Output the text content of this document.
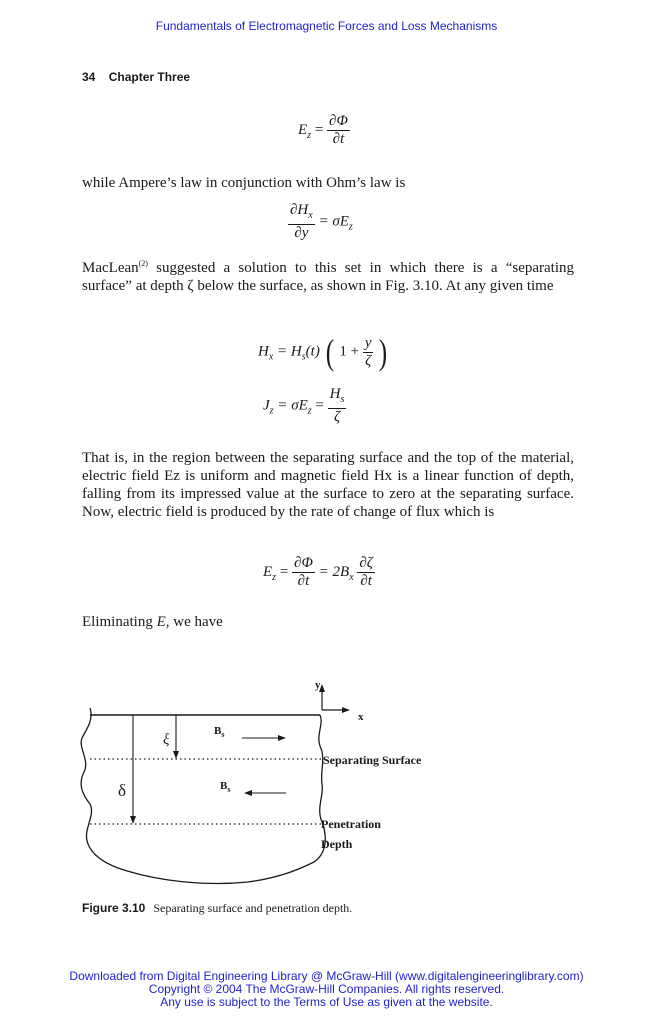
Fundamentals of Electromagnetic Forces and Loss Mechanisms
34 Chapter Three
$E_z = \frac{\partial\Phi}{\partial t}$
while Ampere’s law in conjunction with Ohm’s law is
$\frac{\partial H_x}{\partial y} = \sigma E_z$
MacLean$^{(2)}$ suggested a solution to this set in which there is a “separating surface” at depth ζ below the surface, as shown in Fig. 3.10. At any given time
$H_x = H_s(t)$ ( $1 + \frac{y}{\zeta}$ )
$J_z = \sigma E_z = \frac{H_s}{\zeta}$
That is, in the region between the separating surface and the top of the material, electric field Ez is uniform and magnetic field Hx is a linear function of depth, falling from its impressed value at the surface to zero at the separating surface. Now, electric field is produced by the rate of change of flux which is
$E_z = \frac{\partial\Phi}{\partial t} = 2B_x \frac{\partial\zeta}{\partial t}$
Eliminating E, we have
y
x
ξ
δ
$B_s$
$B_s$
Separating Surface
Penetration
Depth
Figure 3.10 Separating surface and penetration depth.
Downloaded from Digital Engineering Library @ McGraw-Hill (www.digitalengineeringlibrary.com)
Copyright © 2004 The McGraw-Hill Companies. All rights reserved.
Any use is subject to the Terms of Use as given at the website.
